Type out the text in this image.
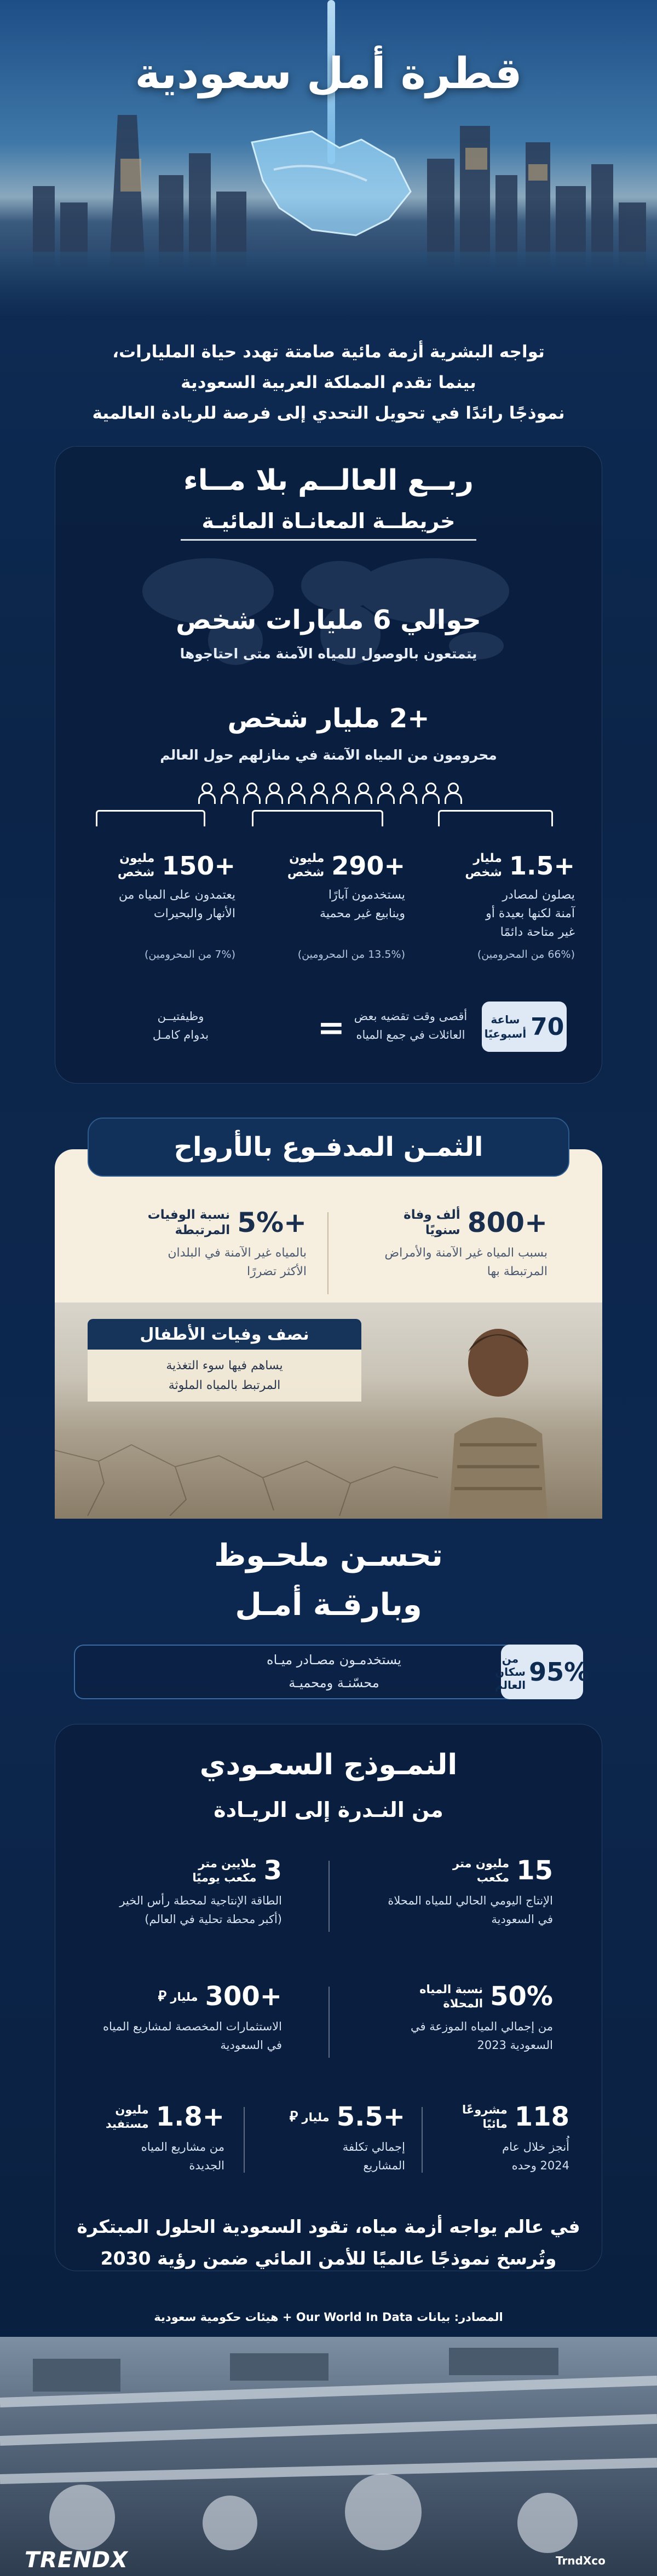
قطرة أمل سعودية
تواجه البشرية أزمة مائية صامتة تهدد حياة المليارات،
بينما تقدم المملكة العربية السعودية
نموذجًا رائدًا في تحويل التحدي إلى فرصة للريادة العالمية
ربــع العالــم بلا مــاء
خريطــة المعانـاة المائيـة
حوالي 6 مليارات شخص
يتمتعون بالوصول للمياه الآمنة متى احتاجوها
+2 مليار شخص
محرومون من المياه الآمنة في منازلهم حول العالم
+1.5 مليار
شخص
يصلون لمصادر
آمنة لكنها بعيدة أو
غير متاحة دائمًا
(66% من المحرومين)
+290 مليون
شخص
يستخدمون آبارًا
وينابيع غير محمية
(13.5% من المحرومين)
+150 مليون
شخص
يعتمدون على المياه من
الأنهار والبحيرات
(7% من المحرومين)
70
ساعة
أسبوعيًا
أقصى وقت تقضيه بعض
العائلات في جمع المياه
=
وظيفتيــن
بدوام كامـل
الثمـن المدفـوع بالأرواح
+800 ألف وفاة
سنويًا
بسبب المياه غير الآمنة والأمراض
المرتبطة بها
+5% نسبة الوفيات
المرتبطة
بالمياه غير الآمنة في البلدان
الأكثر تضررًا
نصف وفيات الأطفال
يساهم فيها سوء التغذية
المرتبط بالمياه الملوثة
تحسـن ملحـوظ
وبارقـة أمـل
95%
من سكان
العالم
يستخدمـون مصـادر ميـاه
محسّنـة ومحميـة
النمـوذج السعـودي
من النـدرة إلى الريـادة
15 مليون متر
مكعب
الإنتاج اليومي الحالي للمياه المحلاة
في السعودية
3 ملايين متر
مكعب يوميًا
الطاقة الإنتاجية لمحطة رأس الخير
(أكبر محطة تحلية في العالم)
50% نسبة المياه
المحلاة
من إجمالي المياه الموزعة في
السعودية 2023
+300 مليار ⃁
الاستثمارات المخصصة لمشاريع المياه
في السعودية
118 مشروعًا
مائيًا
أُنجز خلال عام
2024 وحده
+5.5 مليار ⃁
إجمالي تكلفة
المشاريع
+1.8 مليون
مستفيد
من مشاريع المياه
الجديدة
في عالم يواجه أزمة مياه، تقود السعودية الحلول المبتكرة
وتُرسخ نموذجًا عالميًا للأمن المائي ضمن رؤية 2030
المصادر: بيانات Our World In Data + هيئات حكومية سعودية
TRENDX	TrndXco
